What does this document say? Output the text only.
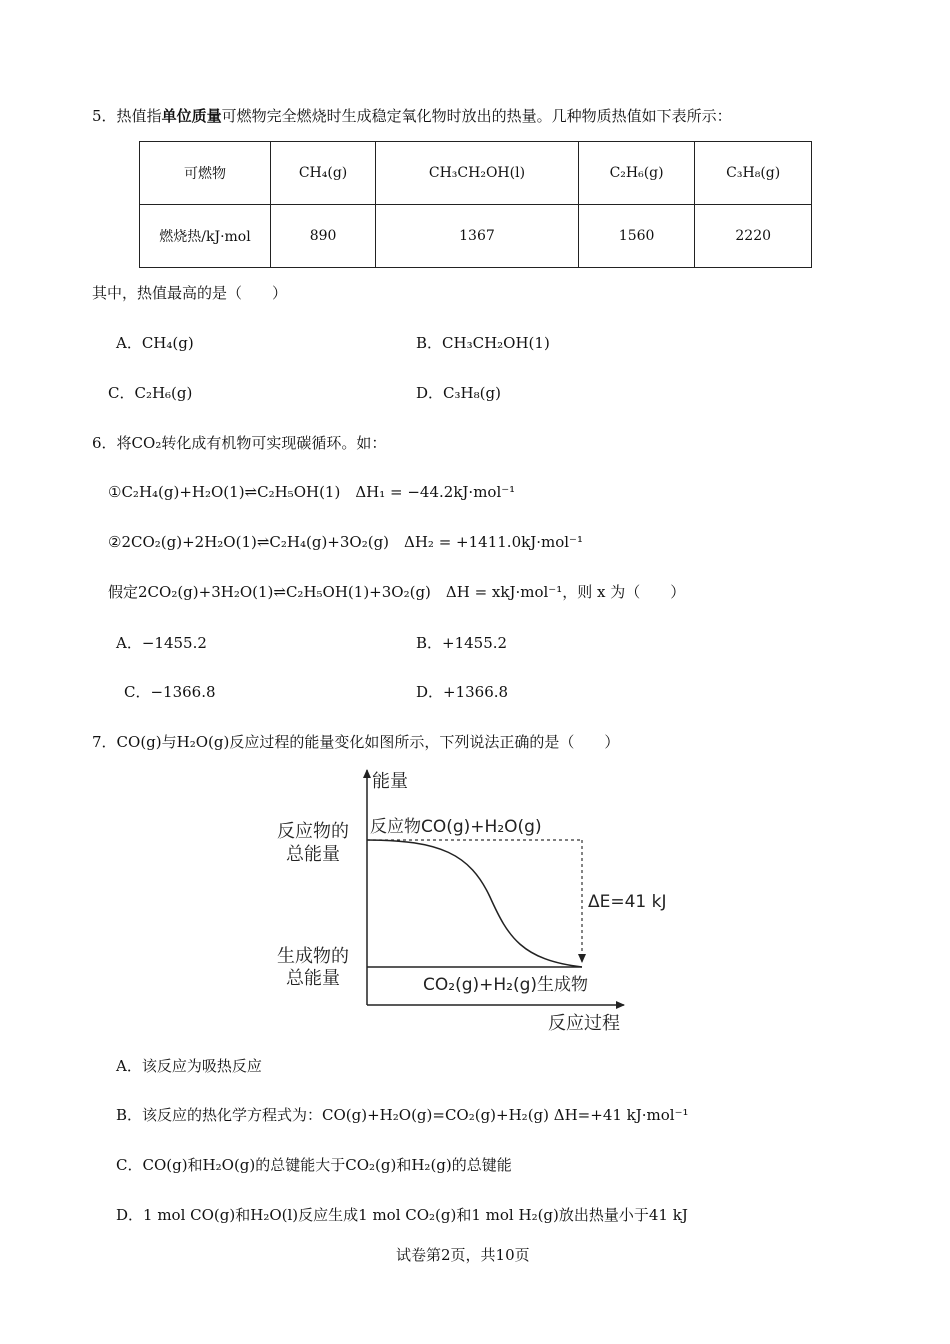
5．热值指单位质量可燃物完全燃烧时生成稳定氧化物时放出的热量。几种物质热值如下表所示：
可燃物	CH₄(g)	CH₃CH₂OH(l)	C₂H₆(g)	C₃H₈(g)
燃烧热/kJ·mol	890	1367	1560	2220
其中，热值最高的是（　　）
A．CH₄(g)	B．CH₃CH₂OH(1)
C．C₂H₆(g)	D．C₃H₈(g)
6．将CO₂转化成有机物可实现碳循环。如：
①C₂H₄(g)+H₂O(1)⇌C₂H₅OH(1)　ΔH₁ = −44.2kJ·mol⁻¹
②2CO₂(g)+2H₂O(1)⇌C₂H₄(g)+3O₂(g)　ΔH₂ = +1411.0kJ·mol⁻¹
假定2CO₂(g)+3H₂O(1)⇌C₂H₅OH(1)+3O₂(g)　ΔH = xkJ·mol⁻¹，则 x 为（　　）
A．−1455.2	B．+1455.2
C．−1366.8	D．+1366.8
7．CO(g)与H₂O(g)反应过程的能量变化如图所示，下列说法正确的是（　　）
能量
反应过程
反应物的
总能量
生成物的
总能量
反应物CO(g)+H₂O(g)
CO₂(g)+H₂(g)生成物
ΔE=41 kJ
A．该反应为吸热反应
B．该反应的热化学方程式为：CO(g)+H₂O(g)=CO₂(g)+H₂(g) ΔH=+41 kJ·mol⁻¹
C．CO(g)和H₂O(g)的总键能大于CO₂(g)和H₂(g)的总键能
D．1 mol CO(g)和H₂O(l)反应生成1 mol CO₂(g)和1 mol H₂(g)放出热量小于41 kJ
试卷第2页，共10页
